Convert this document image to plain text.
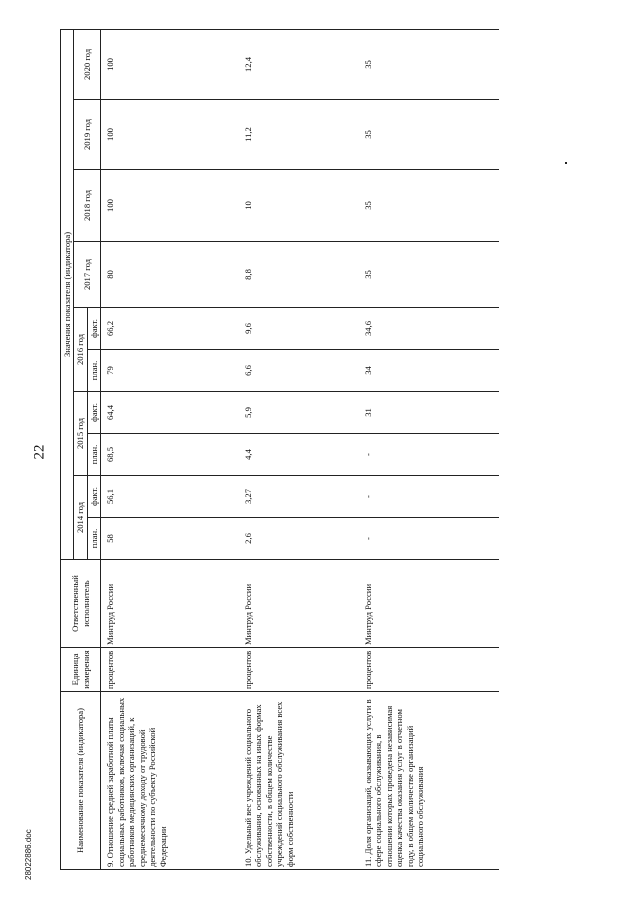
22
28022886.doc
Наименование показателя (индикатора)	Единица измерения	Ответственный исполнитель	Значения показателя (индикатора)									
			2014 год		2015 год		2016 год		2017 год	2018 год	2019 год	2020 год
			план.	факт.	план.	факт.	план.	факт.				
9. Отношение средней заработной платы социальных работников, включая социальных работников медицинских организаций, к среднемесячному доходу от трудовой деятельности по субъекту Российской Федерации	процентов	Минтруд России	58	56,1	68,5	64,4	79	66,2	80	100	100	100
10. Удельный вес учреждений социального обслуживания, основанных на иных формах собственности, в общем количестве учреждений социального обслуживания всех форм собственности	процентов	Минтруд России	2,6	3,27	4,4	5,9	6,6	9,6	8,8	10	11,2	12,4
11. Доля организаций, оказывающих услуги в сфере социального обслуживания, в отношении которых проведена независимая оценка качества оказания услуг в отчетном году, в общем количестве организаций социального обслуживания	процентов	Минтруд России	-	-	-	31	34	34,6	35	35	35	35
